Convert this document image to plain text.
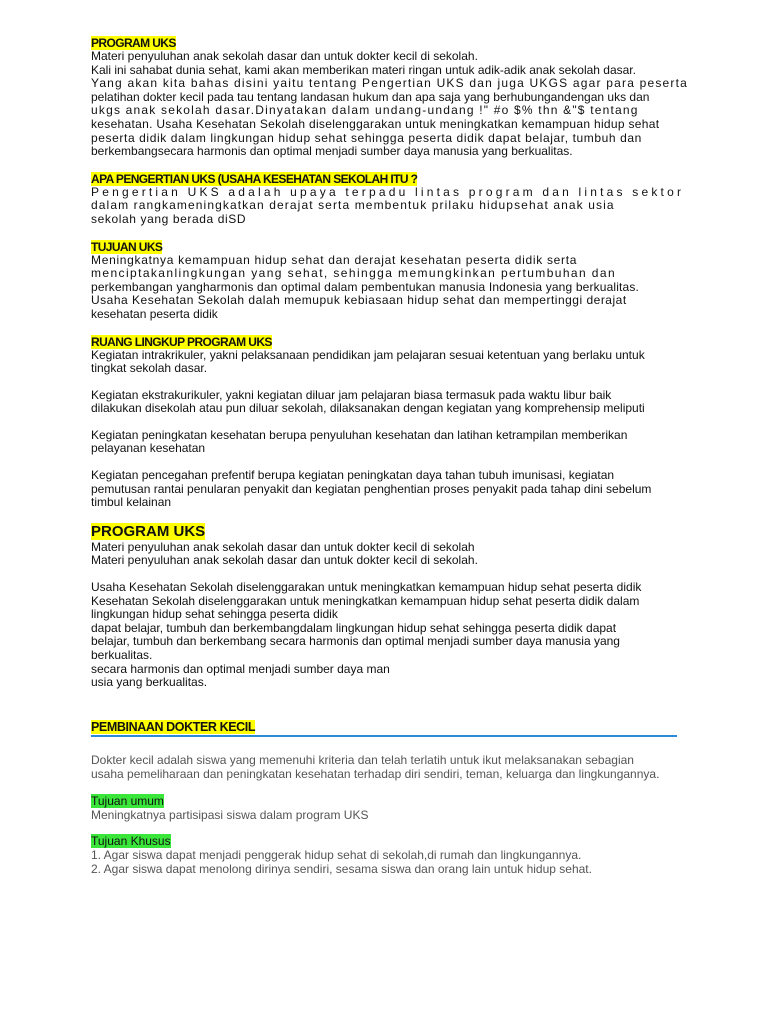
PROGRAM UKS

Materi penyuluhan anak sekolah dasar dan untuk dokter kecil di sekolah.

Kali ini sahabat dunia sehat, kami akan memberikan materi ringan untuk adik-adik anak sekolah dasar.

Yang akan kita bahas disini yaitu tentang Pengertian UKS dan juga UKGS agar para peserta

pelatihan dokter kecil pada tau tentang landasan hukum dan apa saja yang berhubungandengan uks dan

ukgs anak sekolah dasar.Dinyatakan dalam undang-undang !" #o $% thn &"$ tentang

kesehatan. Usaha Kesehatan Sekolah diselenggarakan untuk meningkatkan kemampuan hidup sehat

peserta didik dalam lingkungan hidup sehat sehingga peserta didik dapat belajar, tumbuh dan

berkembangsecara harmonis dan optimal menjadi sumber daya manusia yang berkualitas.

APA PENGERTIAN UKS (USAHA KESEHATAN SEKOLAH ITU ?

Pengertian UKS adalah upaya terpadu lintas program dan lintas sektor

dalam rangkameningkatkan derajat serta membentuk prilaku hidupsehat anak usia

sekolah yang berada diSD

TUJUAN UKS

Meningkatnya kemampuan hidup sehat dan derajat kesehatan peserta didik serta

menciptakanlingkungan yang sehat, sehingga memungkinkan pertumbuhan dan

perkembangan yangharmonis dan optimal dalam pembentukan manusia Indonesia yang berkualitas.

Usaha Kesehatan Sekolah dalah memupuk kebiasaan hidup sehat dan mempertinggi derajat

kesehatan peserta didik

RUANG LINGKUP PROGRAM UKS

Kegiatan intrakrikuler, yakni pelaksanaan pendidikan jam pelajaran sesuai ketentuan yang berlaku untuk

tingkat sekolah dasar.

Kegiatan ekstrakurikuler, yakni kegiatan diluar jam pelajaran biasa termasuk pada waktu libur baik

dilakukan disekolah atau pun diluar sekolah, dilaksanakan dengan kegiatan yang komprehensip meliputi

Kegiatan peningkatan kesehatan berupa penyuluhan kesehatan dan latihan ketrampilan memberikan

pelayanan kesehatan

Kegiatan pencegahan prefentif berupa kegiatan peningkatan daya tahan tubuh imunisasi, kegiatan

pemutusan rantai penularan penyakit dan kegiatan penghentian proses penyakit pada tahap dini sebelum

timbul kelainan

PROGRAM UKS

Materi penyuluhan anak sekolah dasar dan untuk dokter kecil di sekolah

Materi penyuluhan anak sekolah dasar dan untuk dokter kecil di sekolah.

Usaha Kesehatan Sekolah diselenggarakan untuk meningkatkan kemampuan hidup sehat peserta didik

Kesehatan Sekolah diselenggarakan untuk meningkatkan kemampuan hidup sehat peserta didik dalam

lingkungan hidup sehat sehingga peserta didik

dapat belajar, tumbuh dan berkembangdalam lingkungan hidup sehat sehingga peserta didik dapat

belajar, tumbuh dan berkembang secara harmonis dan optimal menjadi sumber daya manusia yang

berkualitas.

secara harmonis dan optimal menjadi sumber daya man

usia yang berkualitas.

PEMBINAAN DOKTER KECIL

Dokter kecil adalah siswa yang memenuhi kriteria dan telah terlatih untuk ikut melaksanakan sebagian

usaha pemeliharaan dan peningkatan kesehatan terhadap diri sendiri, teman, keluarga dan lingkungannya.

Tujuan umum

Meningkatnya partisipasi siswa dalam program UKS

Tujuan Khusus

1. Agar siswa dapat menjadi penggerak hidup sehat di sekolah,di rumah dan lingkungannya.

2. Agar siswa dapat menolong dirinya sendiri, sesama siswa dan orang lain untuk hidup sehat.
